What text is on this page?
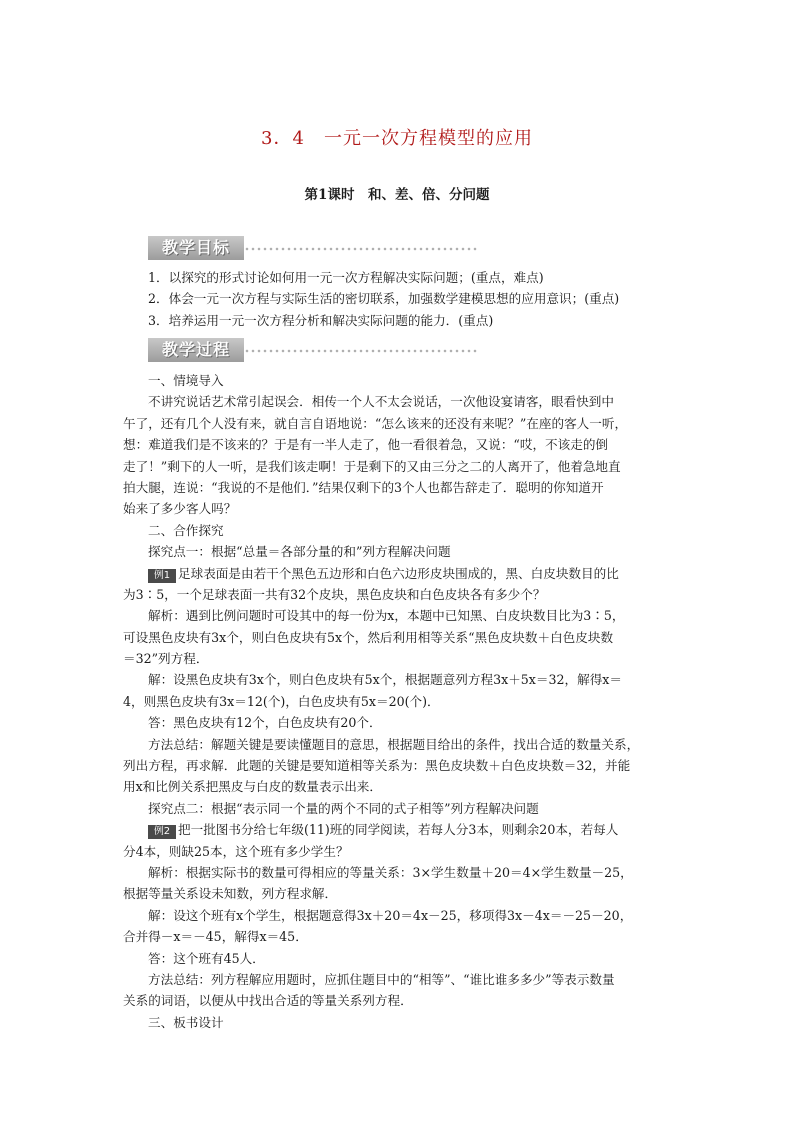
3．4　一元一次方程模型的应用
第1课时　和、差、倍、分问题
教学目标
1．以探究的形式讨论如何用一元一次方程解决实际问题；(重点，难点)
2．体会一元一次方程与实际生活的密切联系，加强数学建模思想的应用意识；(重点)
3．培养运用一元一次方程分析和解决实际问题的能力．(重点)
教学过程
一、情境导入
不讲究说话艺术常引起误会．相传一个人不太会说话，一次他设宴请客，眼看快到中
午了，还有几个人没有来，就自言自语地说：“怎么该来的还没有来呢？”在座的客人一听，
想：难道我们是不该来的？于是有一半人走了，他一看很着急，又说：“哎，不该走的倒
走了！”剩下的人一听，是我们该走啊！于是剩下的又由三分之二的人离开了，他着急地直
拍大腿，连说：“我说的不是他们．”结果仅剩下的3个人也都告辞走了．聪明的你知道开
始来了多少客人吗？
二、合作探究
探究点一：根据“总量＝各部分量的和”列方程解决问题
例1 足球表面是由若干个黑色五边形和白色六边形皮块围成的，黑、白皮块数目的比
为3∶5，一个足球表面一共有32个皮块，黑色皮块和白色皮块各有多少个？
解析：遇到比例问题时可设其中的每一份为x，本题中已知黑、白皮块数目比为3∶5，
可设黑色皮块有3x个，则白色皮块有5x个，然后利用相等关系“黑色皮块数＋白色皮块数
＝32”列方程．
解：设黑色皮块有3x个，则白色皮块有5x个，根据题意列方程3x＋5x＝32，解得x＝
4，则黑色皮块有3x＝12(个)，白色皮块有5x＝20(个)．
答：黑色皮块有12个，白色皮块有20个．
方法总结：解题关键是要读懂题目的意思，根据题目给出的条件，找出合适的数量关系，
列出方程，再求解．此题的关键是要知道相等关系为：黑色皮块数＋白色皮块数＝32，并能
用x和比例关系把黑皮与白皮的数量表示出来．
探究点二：根据“表示同一个量的两个不同的式子相等”列方程解决问题
例2 把一批图书分给七年级(11)班的同学阅读，若每人分3本，则剩余20本，若每人
分4本，则缺25本，这个班有多少学生？
解析：根据实际书的数量可得相应的等量关系：3×学生数量＋20＝4×学生数量－25，
根据等量关系设未知数，列方程求解．
解：设这个班有x个学生，根据题意得3x＋20＝4x－25，移项得3x－4x＝－25－20，
合并得－x＝－45，解得x＝45．
答：这个班有45人．
方法总结：列方程解应用题时，应抓住题目中的“相等”、“谁比谁多多少”等表示数量
关系的词语，以便从中找出合适的等量关系列方程．
三、板书设计
